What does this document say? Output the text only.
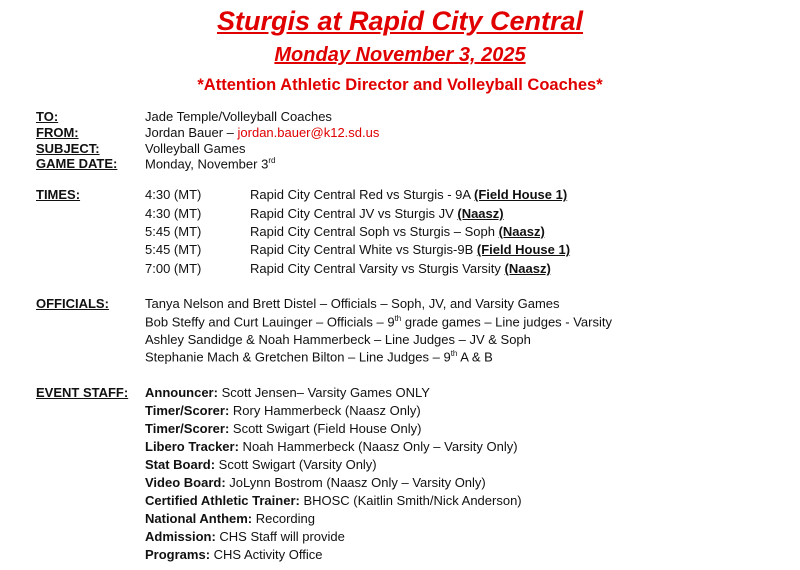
Sturgis at Rapid City Central
Monday November 3, 2025
*Attention Athletic Director and Volleyball Coaches*
TO:	Jade Temple/Volleyball Coaches
FROM:	Jordan Bauer – jordan.bauer@k12.sd.us
SUBJECT:	Volleyball Games
GAME DATE: Monday, November 3rd
TIMES:	4:30 (MT)	Rapid City Central Red vs Sturgis - 9A (Field House 1)
4:30 (MT)	Rapid City Central JV vs Sturgis JV (Naasz)
5:45 (MT)	Rapid City Central Soph vs Sturgis – Soph (Naasz)
5:45 (MT)	Rapid City Central White vs Sturgis-9B (Field House 1)
7:00 (MT)	Rapid City Central Varsity vs Sturgis Varsity (Naasz)
OFFICIALS:	Tanya Nelson and Brett Distel – Officials – Soph, JV, and Varsity Games
Bob Steffy and Curt Lauinger – Officials – 9th grade games – Line judges - Varsity
Ashley Sandidge & Noah Hammerbeck – Line Judges – JV & Soph
Stephanie Mach & Gretchen Bilton – Line Judges – 9th A & B
EVENT STAFF: Announcer: Scott Jensen– Varsity Games ONLY
Timer/Scorer: Rory Hammerbeck (Naasz Only)
Timer/Scorer: Scott Swigart (Field House Only)
Libero Tracker: Noah Hammerbeck (Naasz Only – Varsity Only)
Stat Board: Scott Swigart (Varsity Only)
Video Board: JoLynn Bostrom (Naasz Only – Varsity Only)
Certified Athletic Trainer: BHOSC (Kaitlin Smith/Nick Anderson)
National Anthem: Recording
Admission: CHS Staff will provide
Programs: CHS Activity Office
